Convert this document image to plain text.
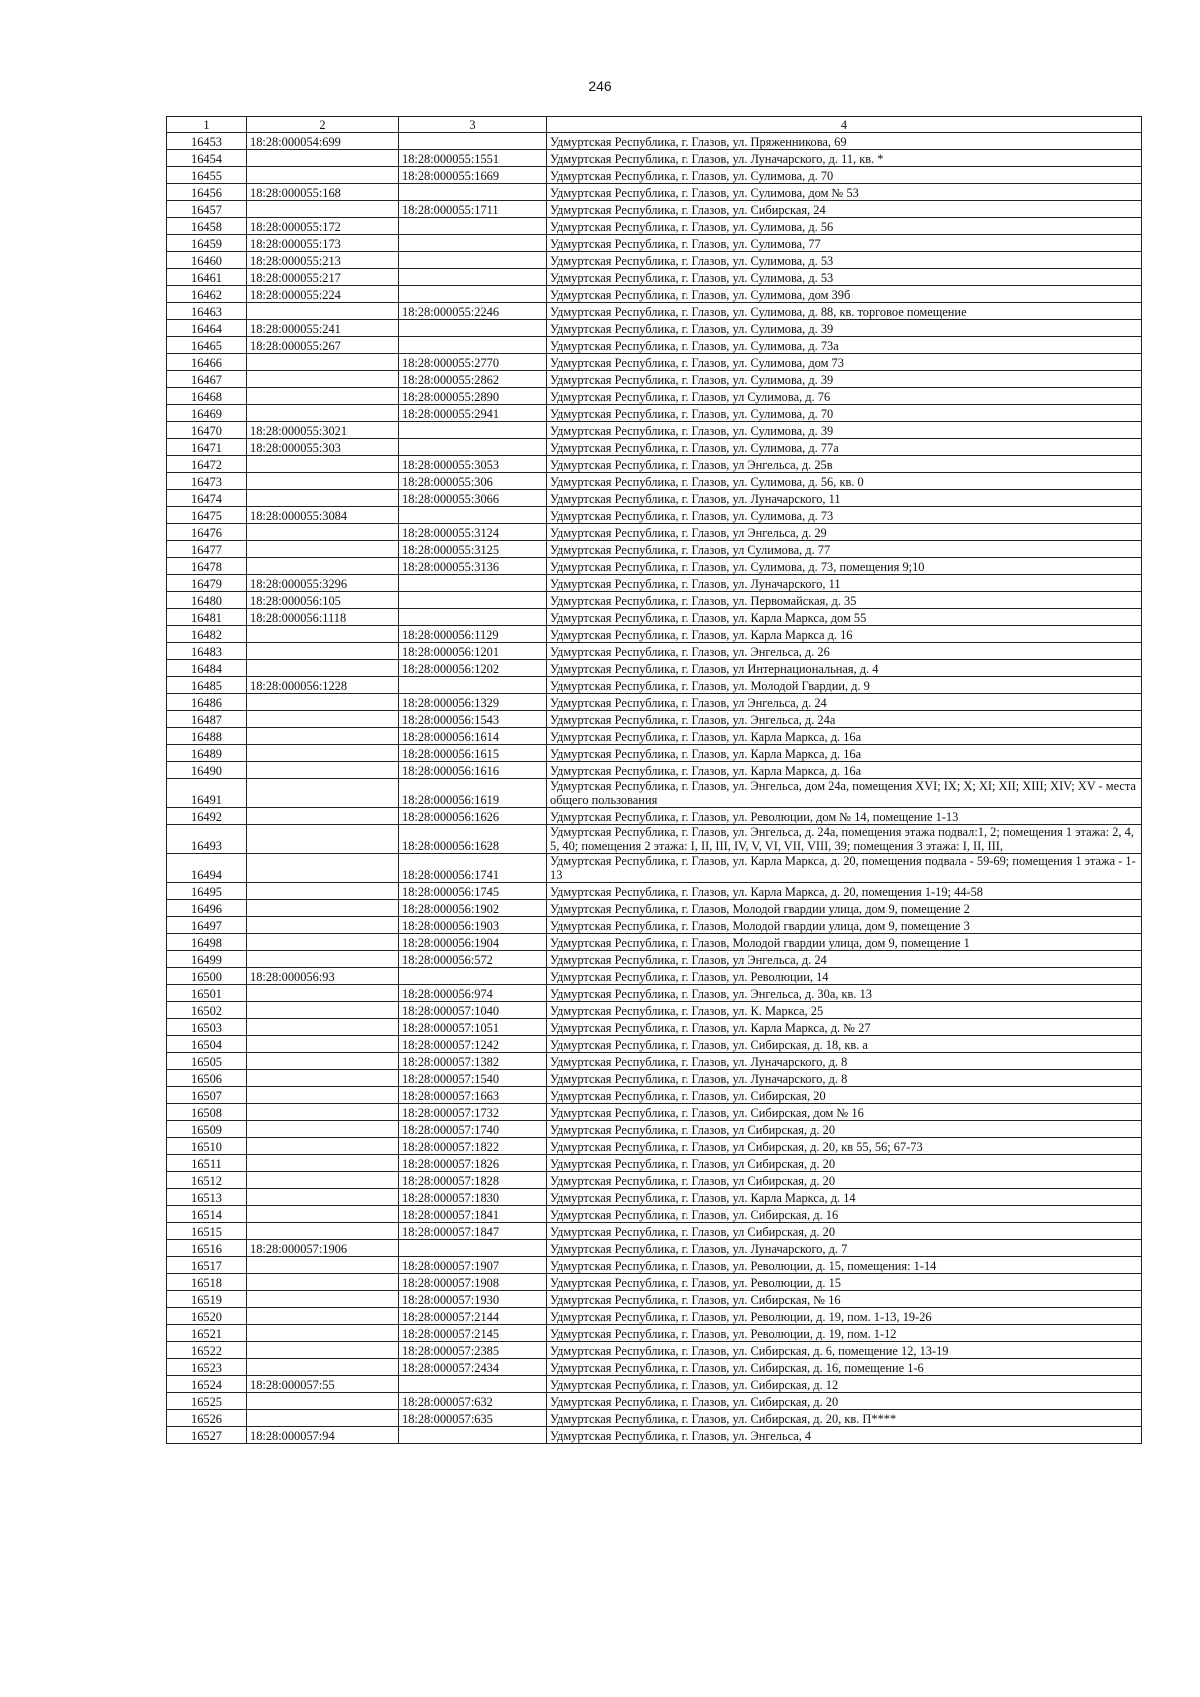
246
1	2	3	4
16453	18:28:000054:699		Удмуртская Республика, г. Глазов, ул. Пряженникова, 69
16454		18:28:000055:1551	Удмуртская Республика, г. Глазов, ул. Луначарского, д. 11, кв. *
16455		18:28:000055:1669	Удмуртская Республика, г. Глазов, ул. Сулимова, д. 70
16456	18:28:000055:168		Удмуртская Республика, г. Глазов, ул. Сулимова, дом № 53
16457		18:28:000055:1711	Удмуртская Республика, г. Глазов, ул. Сибирская, 24
16458	18:28:000055:172		Удмуртская Республика, г. Глазов, ул. Сулимова, д. 56
16459	18:28:000055:173		Удмуртская Республика, г. Глазов, ул. Сулимова, 77
16460	18:28:000055:213		Удмуртская Республика, г. Глазов, ул. Сулимова, д. 53
16461	18:28:000055:217		Удмуртская Республика, г. Глазов, ул. Сулимова, д. 53
16462	18:28:000055:224		Удмуртская Республика, г. Глазов, ул. Сулимова, дом 39б
16463		18:28:000055:2246	Удмуртская Республика, г. Глазов, ул. Сулимова, д. 88, кв. торговое помещение
16464	18:28:000055:241		Удмуртская Республика, г. Глазов, ул. Сулимова, д. 39
16465	18:28:000055:267		Удмуртская Республика, г. Глазов, ул. Сулимова, д. 73а
16466		18:28:000055:2770	Удмуртская Республика, г. Глазов, ул. Сулимова, дом 73
16467		18:28:000055:2862	Удмуртская Республика, г. Глазов, ул. Сулимова, д. 39
16468		18:28:000055:2890	Удмуртская Республика, г. Глазов, ул Сулимова, д. 76
16469		18:28:000055:2941	Удмуртская Республика, г. Глазов, ул. Сулимова, д. 70
16470	18:28:000055:3021		Удмуртская Республика, г. Глазов, ул. Сулимова, д. 39
16471	18:28:000055:303		Удмуртская Республика, г. Глазов, ул. Сулимова, д. 77а
16472		18:28:000055:3053	Удмуртская Республика, г. Глазов, ул Энгельса, д. 25в
16473		18:28:000055:306	Удмуртская Республика, г. Глазов, ул. Сулимова, д. 56, кв. 0
16474		18:28:000055:3066	Удмуртская Республика, г. Глазов, ул. Луначарского, 11
16475	18:28:000055:3084		Удмуртская Республика, г. Глазов, ул. Сулимова, д. 73
16476		18:28:000055:3124	Удмуртская Республика, г. Глазов, ул Энгельса, д. 29
16477		18:28:000055:3125	Удмуртская Республика, г. Глазов, ул Сулимова, д. 77
16478		18:28:000055:3136	Удмуртская Республика, г. Глазов, ул. Сулимова, д. 73, помещения 9;10
16479	18:28:000055:3296		Удмуртская Республика, г. Глазов, ул. Луначарского, 11
16480	18:28:000056:105		Удмуртская Республика, г. Глазов, ул. Первомайская, д. 35
16481	18:28:000056:1118		Удмуртская Республика, г. Глазов, ул. Карла Маркса, дом 55
16482		18:28:000056:1129	Удмуртская Республика, г. Глазов, ул. Карла Маркса д. 16
16483		18:28:000056:1201	Удмуртская Республика, г. Глазов, ул. Энгельса, д. 26
16484		18:28:000056:1202	Удмуртская Республика, г. Глазов, ул Интернациональная, д. 4
16485	18:28:000056:1228		Удмуртская Республика, г. Глазов, ул. Молодой Гвардии, д. 9
16486		18:28:000056:1329	Удмуртская Республика, г. Глазов, ул Энгельса, д. 24
16487		18:28:000056:1543	Удмуртская Республика, г. Глазов, ул. Энгельса, д. 24а
16488		18:28:000056:1614	Удмуртская Республика, г. Глазов, ул. Карла Маркса, д. 16а
16489		18:28:000056:1615	Удмуртская Республика, г. Глазов, ул. Карла Маркса, д. 16а
16490		18:28:000056:1616	Удмуртская Республика, г. Глазов, ул. Карла Маркса, д. 16а
16491		18:28:000056:1619	Удмуртская Республика, г. Глазов, ул. Энгельса, дом 24а, помещения XVI; IX; X; XI; XII; XIII; XIV; XV - места общего пользования
16492		18:28:000056:1626	Удмуртская Республика, г. Глазов, ул. Революции, дом № 14, помещение 1-13
16493		18:28:000056:1628	Удмуртская Республика, г. Глазов, ул. Энгельса, д. 24а, помещения этажа подвал:1, 2; помещения 1 этажа: 2, 4, 5, 40; помещения 2 этажа: I, II, III, IV, V, VI, VII, VIII, 39; помещения 3 этажа: I, II, III,
16494		18:28:000056:1741	Удмуртская Республика, г. Глазов, ул. Карла Маркса, д. 20, помещения подвала - 59-69; помещения 1 этажа - 1-13
16495		18:28:000056:1745	Удмуртская Республика, г. Глазов, ул. Карла Маркса, д. 20, помещения 1-19; 44-58
16496		18:28:000056:1902	Удмуртская Республика, г. Глазов, Молодой гвардии улица, дом 9, помещение 2
16497		18:28:000056:1903	Удмуртская Республика, г. Глазов, Молодой гвардии улица, дом 9, помещение 3
16498		18:28:000056:1904	Удмуртская Республика, г. Глазов, Молодой гвардии улица, дом 9, помещение 1
16499		18:28:000056:572	Удмуртская Республика, г. Глазов, ул Энгельса, д. 24
16500	18:28:000056:93		Удмуртская Республика, г. Глазов, ул. Революции, 14
16501		18:28:000056:974	Удмуртская Республика, г. Глазов, ул. Энгельса, д. 30а, кв. 13
16502		18:28:000057:1040	Удмуртская Республика, г. Глазов, ул. К. Маркса, 25
16503		18:28:000057:1051	Удмуртская Республика, г. Глазов, ул. Карла Маркса, д. № 27
16504		18:28:000057:1242	Удмуртская Республика, г. Глазов, ул. Сибирская, д. 18, кв. а
16505		18:28:000057:1382	Удмуртская Республика, г. Глазов, ул. Луначарского, д. 8
16506		18:28:000057:1540	Удмуртская Республика, г. Глазов, ул. Луначарского, д. 8
16507		18:28:000057:1663	Удмуртская Республика, г. Глазов, ул. Сибирская, 20
16508		18:28:000057:1732	Удмуртская Республика, г. Глазов, ул. Сибирская, дом № 16
16509		18:28:000057:1740	Удмуртская Республика, г. Глазов, ул Сибирская, д. 20
16510		18:28:000057:1822	Удмуртская Республика, г. Глазов, ул Сибирская, д. 20, кв 55, 56; 67-73
16511		18:28:000057:1826	Удмуртская Республика, г. Глазов, ул Сибирская, д. 20
16512		18:28:000057:1828	Удмуртская Республика, г. Глазов, ул Сибирская, д. 20
16513		18:28:000057:1830	Удмуртская Республика, г. Глазов, ул. Карла Маркса, д. 14
16514		18:28:000057:1841	Удмуртская Республика, г. Глазов, ул. Сибирская, д. 16
16515		18:28:000057:1847	Удмуртская Республика, г. Глазов, ул Сибирская, д. 20
16516	18:28:000057:1906		Удмуртская Республика, г. Глазов, ул. Луначарского, д. 7
16517		18:28:000057:1907	Удмуртская Республика, г. Глазов, ул. Революции, д. 15, помещения: 1-14
16518		18:28:000057:1908	Удмуртская Республика, г. Глазов, ул. Революции, д. 15
16519		18:28:000057:1930	Удмуртская Республика, г. Глазов, ул. Сибирская, № 16
16520		18:28:000057:2144	Удмуртская Республика, г. Глазов, ул. Революции, д. 19, пом. 1-13, 19-26
16521		18:28:000057:2145	Удмуртская Республика, г. Глазов, ул. Революции, д. 19, пом. 1-12
16522		18:28:000057:2385	Удмуртская Республика, г. Глазов, ул. Сибирская, д. 6, помещение 12, 13-19
16523		18:28:000057:2434	Удмуртская Республика, г. Глазов, ул. Сибирская, д. 16, помещение 1-6
16524	18:28:000057:55		Удмуртская Республика, г. Глазов, ул. Сибирская, д. 12
16525		18:28:000057:632	Удмуртская Республика, г. Глазов, ул. Сибирская, д. 20
16526		18:28:000057:635	Удмуртская Республика, г. Глазов, ул. Сибирская, д. 20, кв. П****
16527	18:28:000057:94		Удмуртская Республика, г. Глазов, ул. Энгельса, 4
